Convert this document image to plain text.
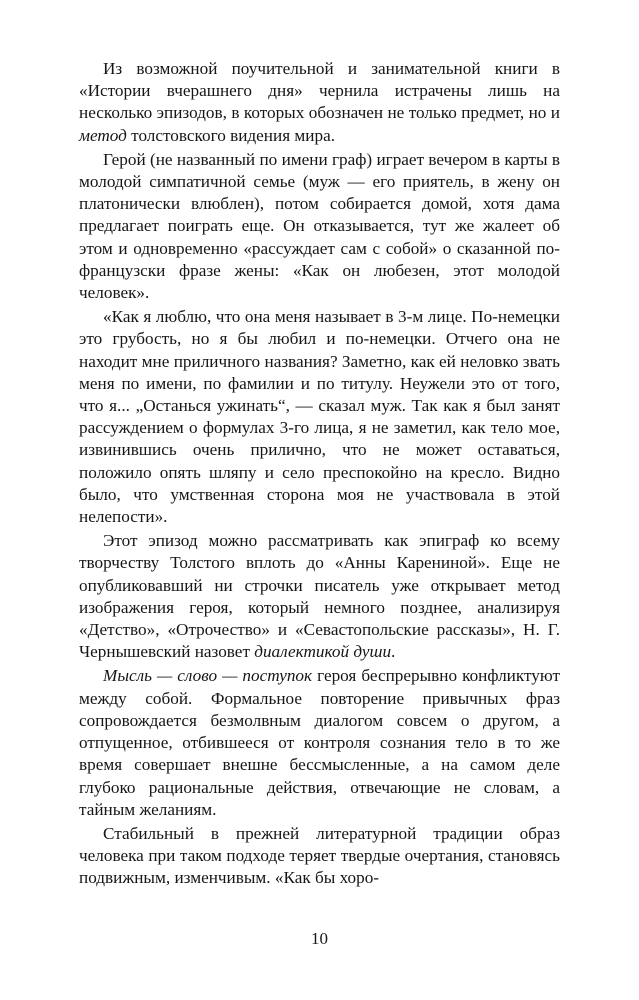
Из возможной поучительной и занимательной книги в «Истории вчерашнего дня» чернила истрачены лишь на несколько эпизодов, в которых обозначен не только предмет, но и метод толстовского видения мира.

Герой (не названный по имени граф) играет вечером в карты в молодой симпатичной семье (муж — его приятель, в жену он платонически влюблен), потом собирается домой, хотя дама предлагает поиграть еще. Он отказывается, тут же жалеет об этом и одновременно «рассуждает сам с собой» о сказанной по-французски фразе жены: «Как он любезен, этот молодой человек».

«Как я люблю, что она меня называет в 3-м лице. По-немецки это грубость, но я бы любил и по-немецки. Отчего она не находит мне приличного названия? Заметно, как ей неловко звать меня по имени, по фамилии и по титулу. Неужели это от того, что я... „Останься ужинать“, — сказал муж. Так как я был занят рассуждением о формулах 3-го лица, я не заметил, как тело мое, извинившись очень прилично, что не может оставаться, положило опять шляпу и село преспокойно на кресло. Видно было, что умственная сторона моя не участвовала в этой нелепости».

Этот эпизод можно рассматривать как эпиграф ко всему творчеству Толстого вплоть до «Анны Карениной». Еще не опубликовавший ни строчки писатель уже открывает метод изображения героя, который немного позднее, анализируя «Детство», «Отрочество» и «Севастопольские рассказы», Н. Г. Чернышевский назовет диалектикой души.

Мысль — слово — поступок героя беспрерывно конфликтуют между собой. Формальное повторение привычных фраз сопровождается безмолвным диалогом совсем о другом, а отпущенное, отбившееся от контроля сознания тело в то же время совершает внешне бессмысленные, а на самом деле глубоко рациональные действия, отвечающие не словам, а тайным желаниям.

Стабильный в прежней литературной традиции образ человека при таком подходе теряет твердые очертания, становясь подвижным, изменчивым. «Как бы хоро-

10
